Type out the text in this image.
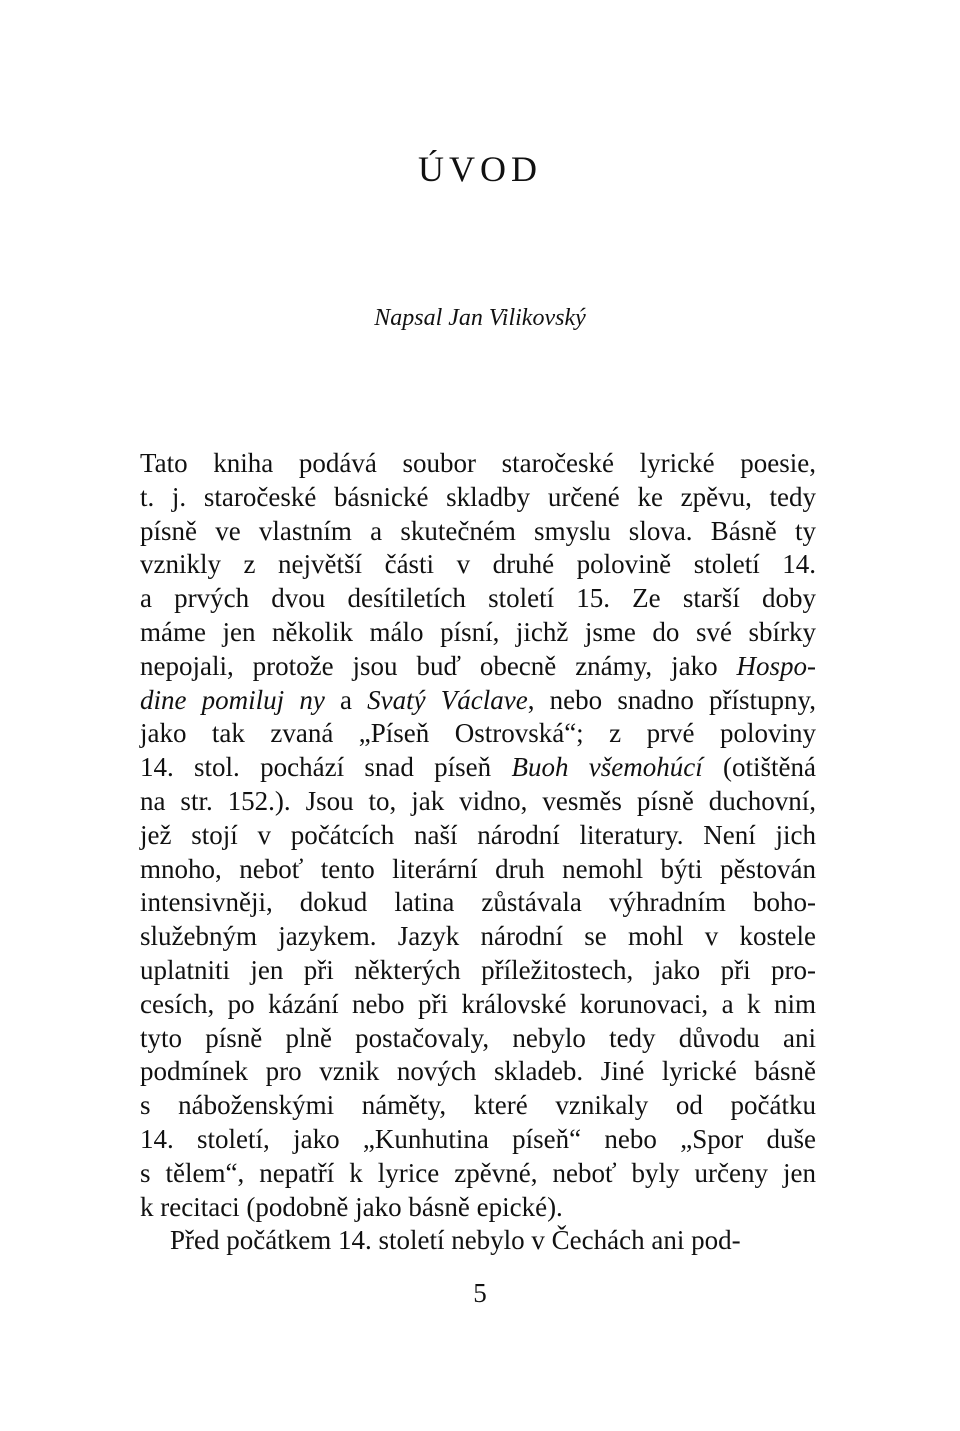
ÚVOD
Napsal Jan Vilikovský
Tato kniha podává soubor staročeské lyrické poesie,
t. j. staročeské básnické skladby určené ke zpěvu, tedy
písně ve vlastním a skutečném smyslu slova. Básně ty
vznikly z největší části v druhé polovině století 14.
a prvých dvou desítiletích století 15. Ze starší doby
máme jen několik málo písní, jichž jsme do své sbírky
nepojali, protože jsou buď obecně známy, jako Hospo-
dine pomiluj ny a Svatý Václave, nebo snadno přístupny,
jako tak zvaná „Píseň Ostrovská“; z prvé poloviny
14. stol. pochází snad píseň Buoh všemohúcí (otištěná
na str. 152.). Jsou to, jak vidno, vesměs písně duchovní,
jež stojí v počátcích naší národní literatury. Není jich
mnoho, neboť tento literární druh nemohl býti pěstován
intensivněji, dokud latina zůstávala výhradním boho-
služebným jazykem. Jazyk národní se mohl v kostele
uplatniti jen při některých příležitostech, jako při pro-
cesích, po kázání nebo při královské korunovaci, a k nim
tyto písně plně postačovaly, nebylo tedy důvodu ani
podmínek pro vznik nových skladeb. Jiné lyrické básně
s náboženskými náměty, které vznikaly od počátku
14. století, jako „Kunhutina píseň“ nebo „Spor duše
s tělem“, nepatří k lyrice zpěvné, neboť byly určeny jen
k recitaci (podobně jako básně epické).
Před počátkem 14. století nebylo v Čechách ani pod-
5
